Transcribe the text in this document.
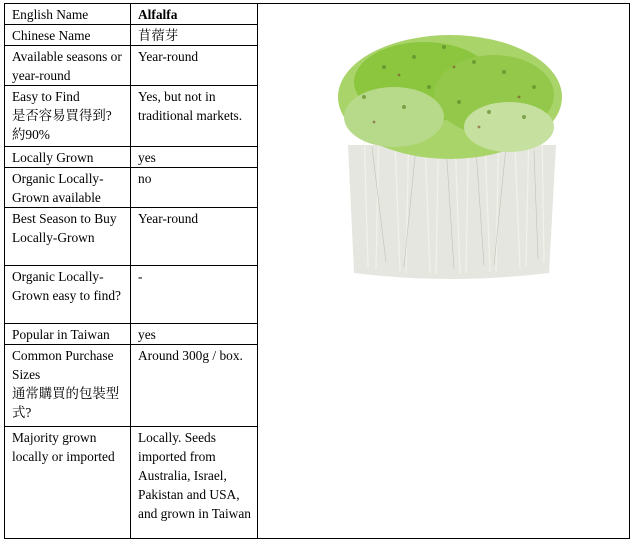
English Name	Alfalfa	

Chinese Name	苜蓿芽	
Available seasons or year-round	Year-round	
Easy to Find
是否容易買得到? 約90%	Yes, but not in traditional markets.	
Locally Grown	yes	
Organic Locally-Grown available	no	
Best Season to Buy Locally-Grown	Year-round	
Organic Locally-Grown easy to find?	-	
Popular in Taiwan	yes	
Common Purchase Sizes
通常購買的包裝型式?	Around 300g / box.	
Majority grown locally or imported	Locally. Seeds imported from Australia, Israel, Pakistan and USA, and grown in Taiwan	
